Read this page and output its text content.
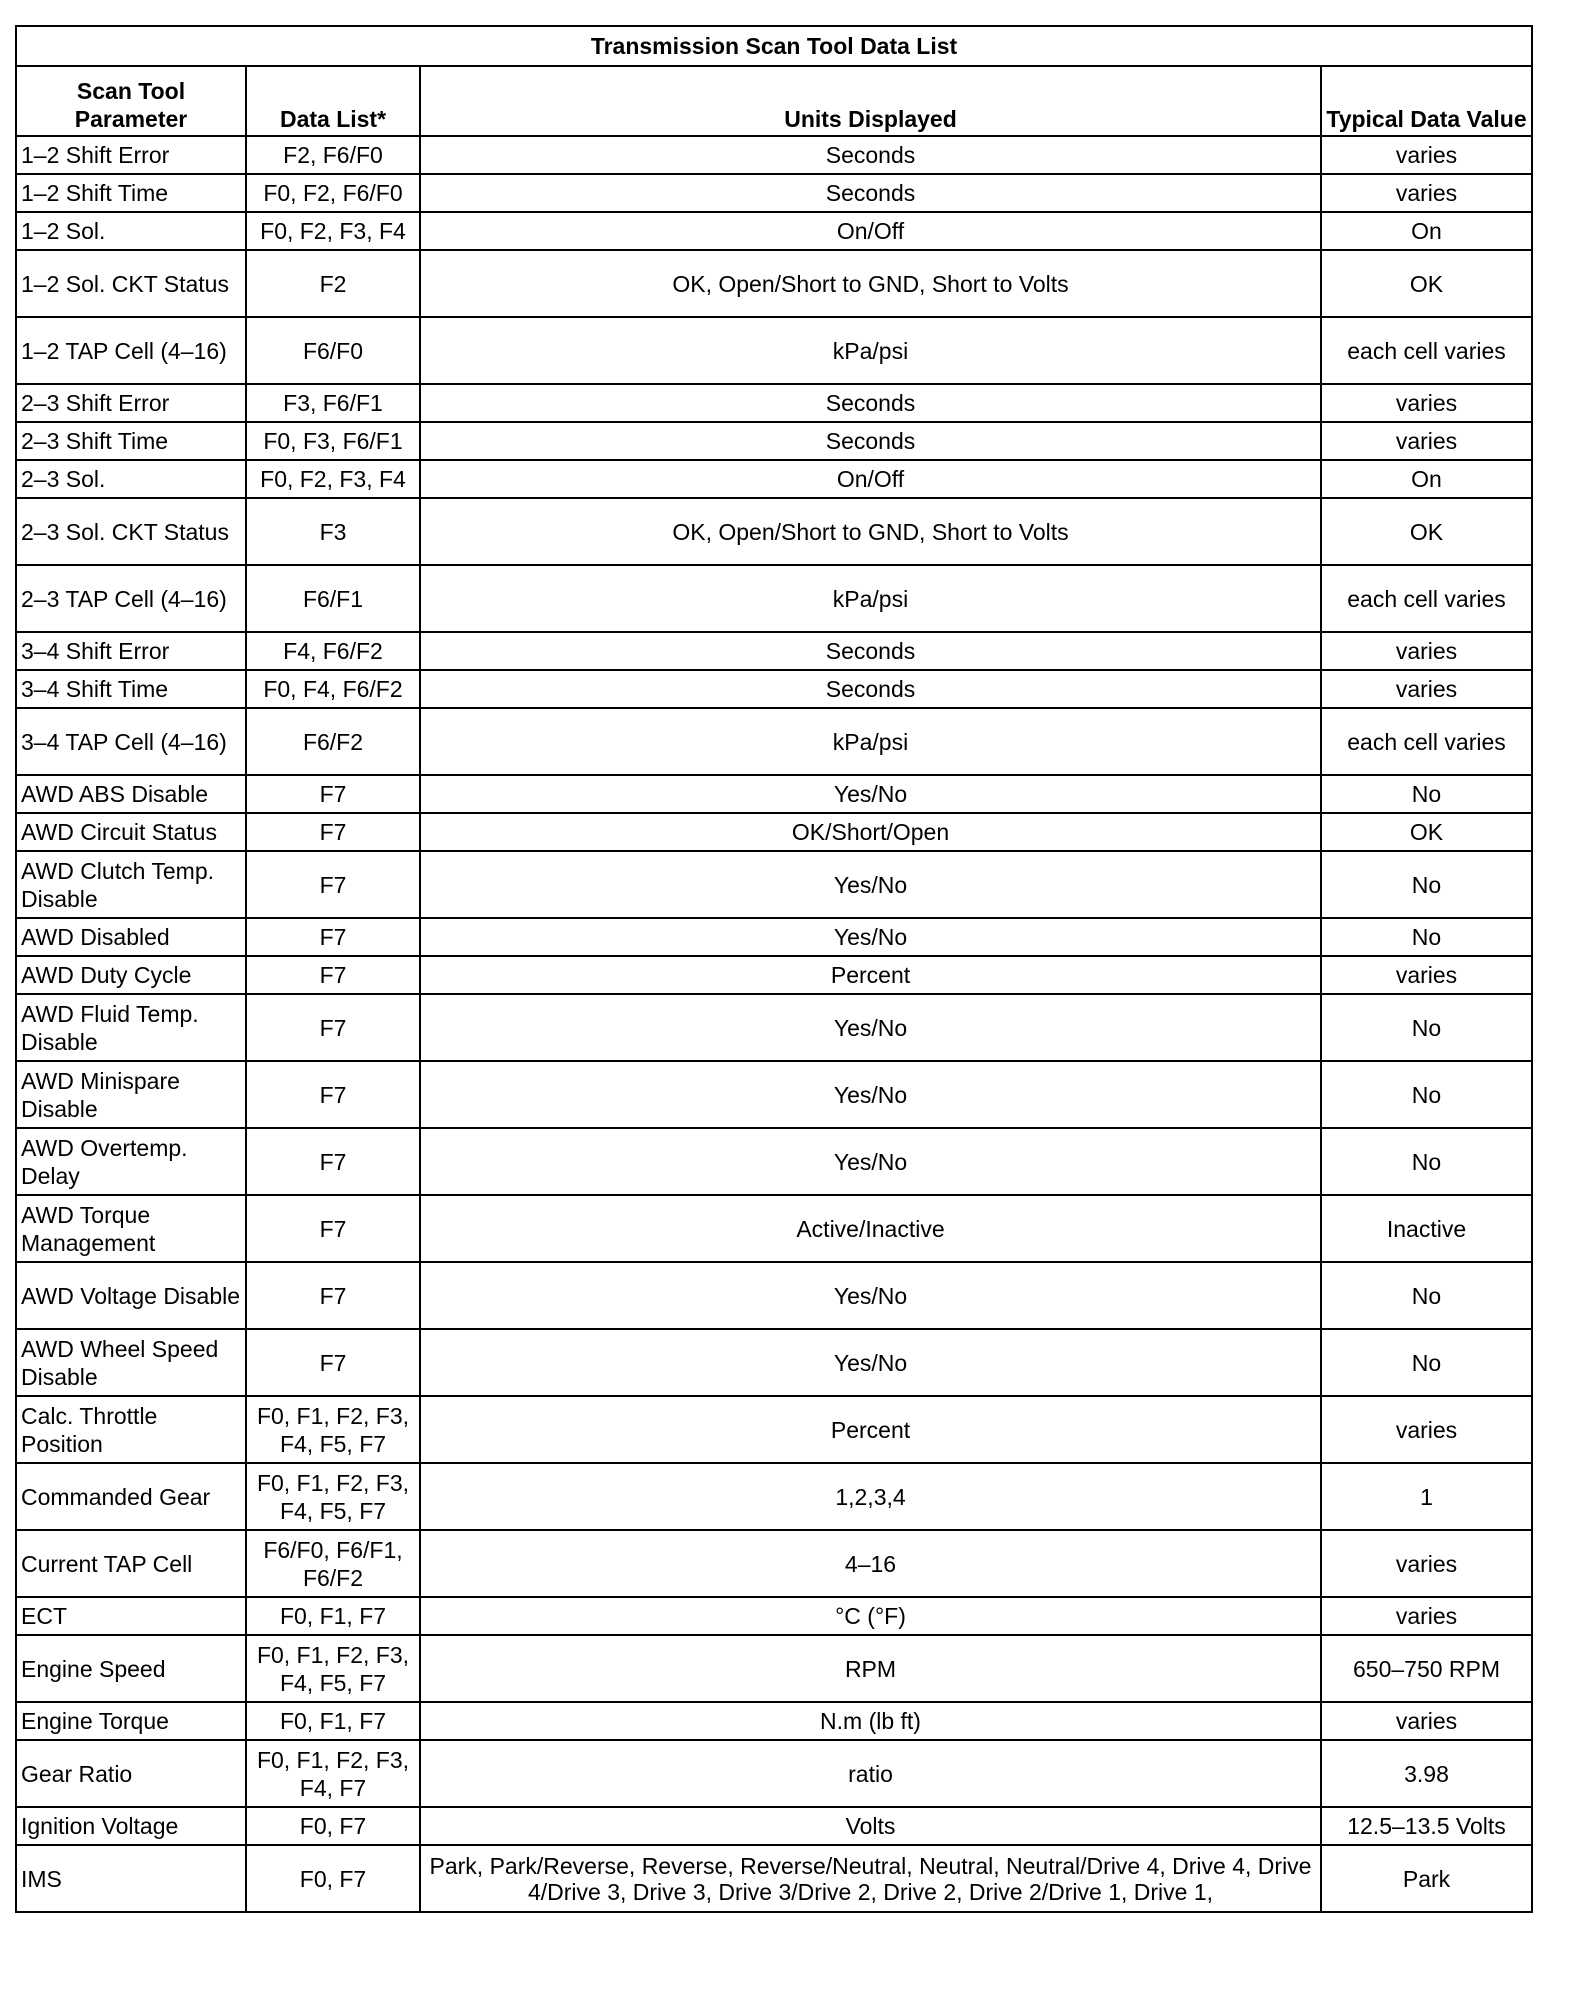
Transmission Scan Tool Data List			
Scan Tool Parameter	Data List*	Units Displayed	Typical Data Value
1–2 Shift Error	F2, F6/F0	Seconds	varies
1–2 Shift Time	F0, F2, F6/F0	Seconds	varies
1–2 Sol.	F0, F2, F3, F4	On/Off	On
1–2 Sol. CKT Status	F2	OK, Open/Short to GND, Short to Volts	OK
1–2 TAP Cell (4–16)	F6/F0	kPa/psi	each cell varies
2–3 Shift Error	F3, F6/F1	Seconds	varies
2–3 Shift Time	F0, F3, F6/F1	Seconds	varies
2–3 Sol.	F0, F2, F3, F4	On/Off	On
2–3 Sol. CKT Status	F3	OK, Open/Short to GND, Short to Volts	OK
2–3 TAP Cell (4–16)	F6/F1	kPa/psi	each cell varies
3–4 Shift Error	F4, F6/F2	Seconds	varies
3–4 Shift Time	F0, F4, F6/F2	Seconds	varies
3–4 TAP Cell (4–16)	F6/F2	kPa/psi	each cell varies
AWD ABS Disable	F7	Yes/No	No
AWD Circuit Status	F7	OK/Short/Open	OK
AWD Clutch Temp. Disable	F7	Yes/No	No
AWD Disabled	F7	Yes/No	No
AWD Duty Cycle	F7	Percent	varies
AWD Fluid Temp. Disable	F7	Yes/No	No
AWD Minispare Disable	F7	Yes/No	No
AWD Overtemp. Delay	F7	Yes/No	No
AWD Torque Management	F7	Active/Inactive	Inactive
AWD Voltage Disable	F7	Yes/No	No
AWD Wheel Speed Disable	F7	Yes/No	No
Calc. Throttle Position	F0, F1, F2, F3, F4, F5, F7	Percent	varies
Commanded Gear	F0, F1, F2, F3, F4, F5, F7	1,2,3,4	1
Current TAP Cell	F6/F0, F6/F1, F6/F2	4–16	varies
ECT	F0, F1, F7	°C (°F)	varies
Engine Speed	F0, F1, F2, F3, F4, F5, F7	RPM	650–750 RPM
Engine Torque	F0, F1, F7	N.m (lb ft)	varies
Gear Ratio	F0, F1, F2, F3, F4, F7	ratio	3.98
Ignition Voltage	F0, F7	Volts	12.5–13.5 Volts
IMS	F0, F7	Park, Park/Reverse, Reverse, Reverse/Neutral, Neutral, Neutral/Drive 4, Drive 4, Drive 4/Drive 3, Drive 3, Drive 3/Drive 2, Drive 2, Drive 2/Drive 1, Drive 1,	Park
